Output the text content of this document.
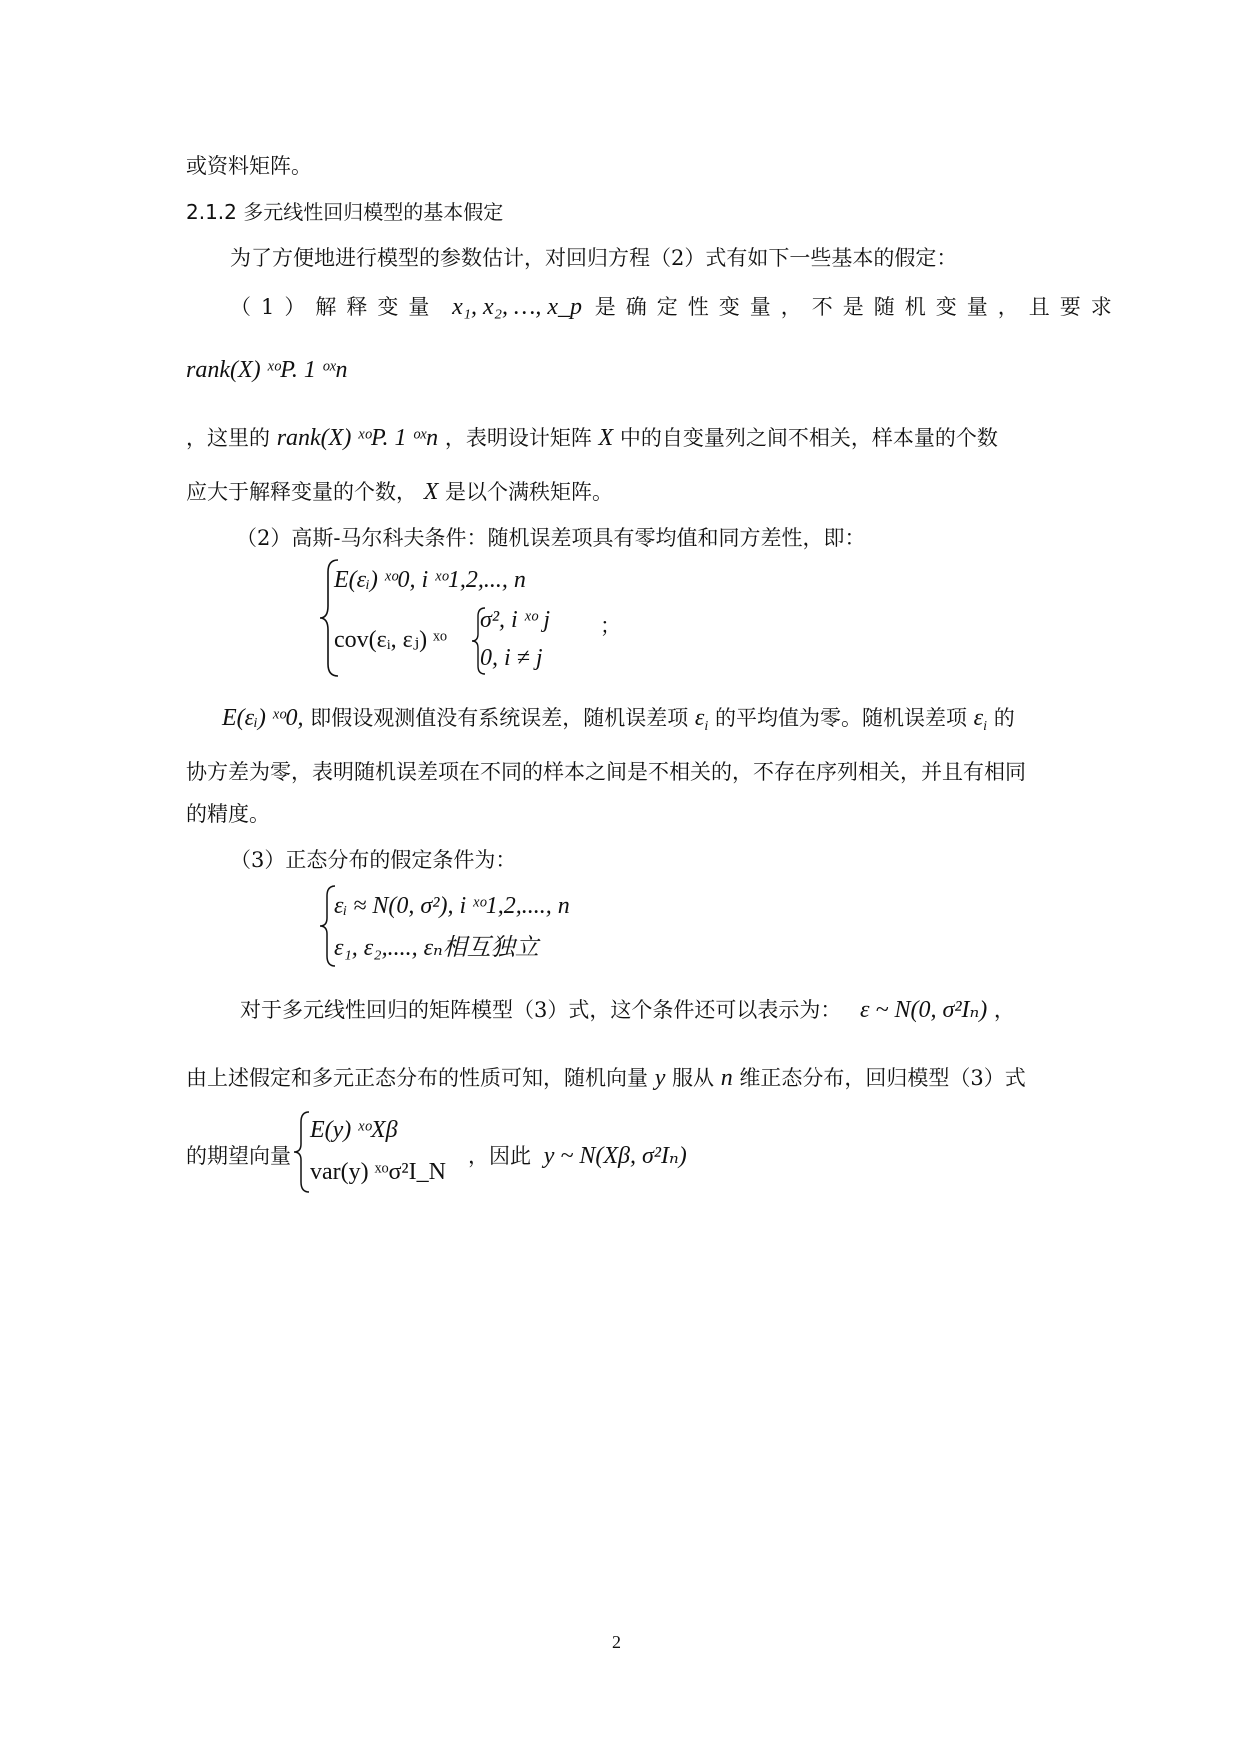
或资料矩阵。
2.1.2 多元线性回归模型的基本假定
为了方便地进行模型的参数估计，对回归方程（2）式有如下一些基本的假定：
（1）解释变量 x₁, x₂, …, x_p 是确定性变量，不是随机变量，且要求
rank(X) ˣᵒP. 1 ᵒˣn
，这里的 rank(X) ˣᵒP. 1 ᵒˣn ，表明设计矩阵 X 中的自变量列之间不相关，样本量的个数
应大于解释变量的个数， X 是以个满秩矩阵。
（2）高斯-马尔科夫条件：随机误差项具有零均值和同方差性，即：
E(εᵢ) ˣᵒ0, i ˣᵒ1,2,..., n
cov(εᵢ, εⱼ) ˣᵒ
σ², i ˣᵒ j
0, i ≠ j
；
E(εᵢ) ˣᵒ0, 即假设观测值没有系统误差，随机误差项 $\varepsilon_i$ 的平均值为零。随机误差项 $\varepsilon_i$ 的
协方差为零，表明随机误差项在不同的样本之间是不相关的，不存在序列相关，并且有相同
的精度。
（3）正态分布的假定条件为：
εᵢ ≈ N(0, σ²), i ˣᵒ1,2,...., n
ε₁, ε₂,...., εₙ相互独立
对于多元线性回归的矩阵模型（3）式，这个条件还可以表示为： ε ~ N(0, σ²Iₙ) ，
由上述假定和多元正态分布的性质可知，随机向量 y 服从 n 维正态分布，回归模型（3）式
的期望向量
E(y) ˣᵒXβ
var(y) ˣᵒσ²I_N
，因此 y ~ N(Xβ, σ²Iₙ)
2
